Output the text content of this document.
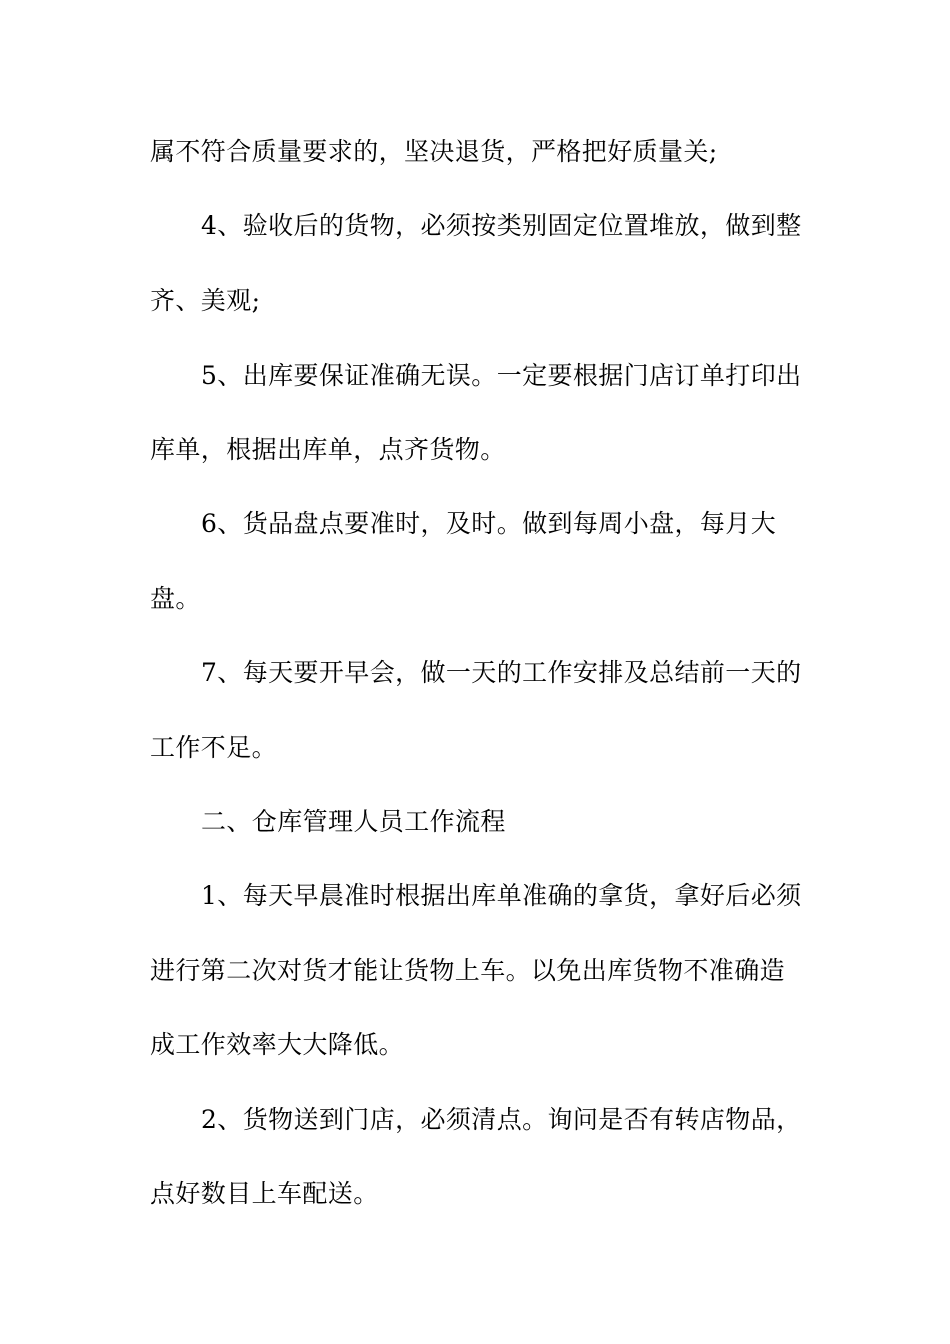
属不符合质量要求的，坚决退货，严格把好质量关;
4、验收后的货物，必须按类别固定位置堆放，做到整
齐、美观;
5、出库要保证准确无误。一定要根据门店订单打印出
库单，根据出库单，点齐货物。
6、货品盘点要准时，及时。做到每周小盘，每月大
盘。
7、每天要开早会，做一天的工作安排及总结前一天的
工作不足。
二、仓库管理人员工作流程
1、每天早晨准时根据出库单准确的拿货，拿好后必须
进行第二次对货才能让货物上车。以免出库货物不准确造
成工作效率大大降低。
2、货物送到门店，必须清点。询问是否有转店物品，
点好数目上车配送。
